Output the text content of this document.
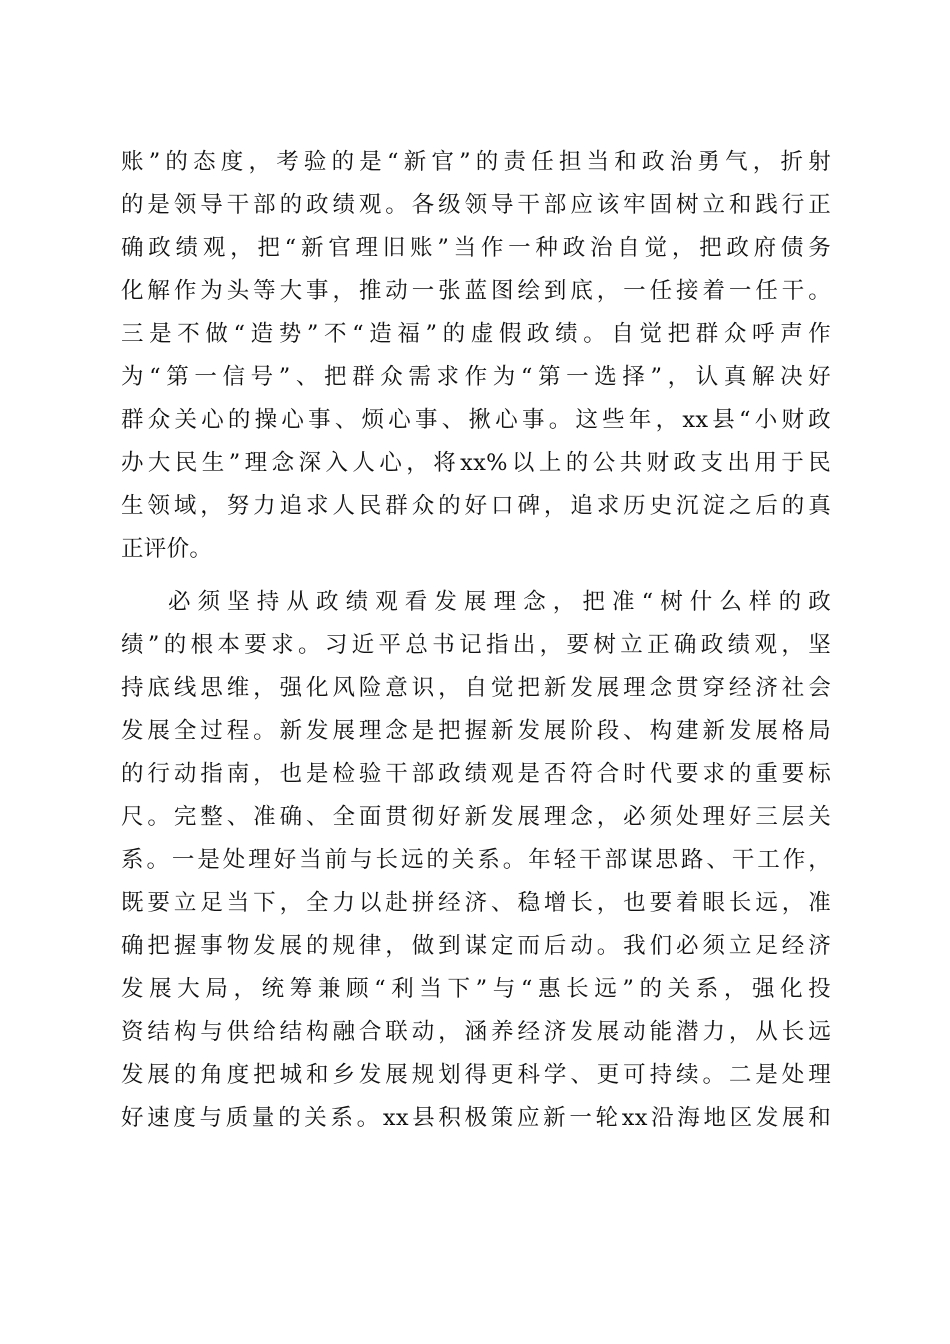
账”的态度，考验的是“新官”的责任担当和政治勇气，折射
的是领导干部的政绩观。各级领导干部应该牢固树立和践行正
确政绩观，把“新官理旧账”当作一种政治自觉，把政府债务
化解作为头等大事，推动一张蓝图绘到底，一任接着一任干。
三是不做“造势”不“造福”的虚假政绩。自觉把群众呼声作
为“第一信号”、把群众需求作为“第一选择”，认真解决好
群众关心的操心事、烦心事、揪心事。这些年，xx县“小财政
办大民生”理念深入人心，将xx%以上的公共财政支出用于民
生领域，努力追求人民群众的好口碑，追求历史沉淀之后的真
正评价。
必须坚持从政绩观看发展理念，把准“树什么样的政
绩”的根本要求。习近平总书记指出，要树立正确政绩观，坚
持底线思维，强化风险意识，自觉把新发展理念贯穿经济社会
发展全过程。新发展理念是把握新发展阶段、构建新发展格局
的行动指南，也是检验干部政绩观是否符合时代要求的重要标
尺。完整、准确、全面贯彻好新发展理念，必须处理好三层关
系。一是处理好当前与长远的关系。年轻干部谋思路、干工作，
既要立足当下，全力以赴拼经济、稳增长，也要着眼长远，准
确把握事物发展的规律，做到谋定而后动。我们必须立足经济
发展大局，统筹兼顾“利当下”与“惠长远”的关系，强化投
资结构与供给结构融合联动，涵养经济发展动能潜力，从长远
发展的角度把城和乡发展规划得更科学、更可持续。二是处理
好速度与质量的关系。xx县积极策应新一轮xx沿海地区发展和
